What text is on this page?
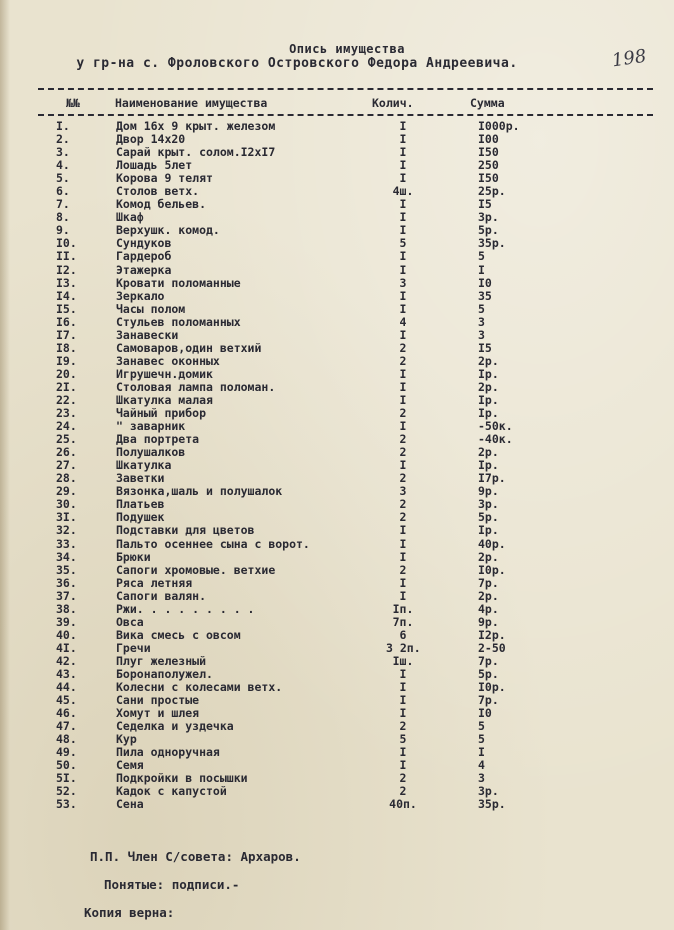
Опись имущества
у гр-на с. Фроловского Островского Федора Андреевича.	198
№№	Наименование имущества	Колич.	Сумма
I.	Дом 16х 9 крыт. железом	I	I000р.
2.	Двор 14х20	I	I00
3.	Сарай крыт. солом.I2хI7	I	I50
4.	Лошадь 5лет	I	250
5.	Корова 9 телят	I	I50
6.	Столов ветх.	4ш.	25р.
7.	Комод бельев.	I	I5
8.	Шкаф	I	3р.
9.	Верхушк. комод.	I	5р.
I0.	Сундуков	5	35р.
II.	Гардероб	I	5
I2.	Этажерка	I	I
I3.	Кровати поломанные	3	I0
I4.	Зеркало	I	35
I5.	Часы полом	I	5
I6.	Стульев поломанных	4	3
I7.	Занавески	I	3
I8.	Самоваров,один ветхий	2	I5
I9.	Занавес оконных	2	2р.
20.	Игрушечн.домик	I	Iр.
2I.	Столовая лампа поломан.	I	2р.
22.	Шкатулка малая	I	Iр.
23.	Чайный прибор	2	Iр.
24.	" заварник	I	-50к.
25.	Два портрета	2	-40к.
26.	Полушалков	2	2р.
27.	Шкатулка	I	Iр.
28.	Заветки	2	I7р.
29.	Вязонка,шаль и полушалок	3	9р.
30.	Платьев	2	3р.
3I.	Подушек	2	5р.
32.	Подставки для цветов	I	Iр.
33.	Пальто осеннее сына с ворот.	I	40р.
34.	Брюки	I	2р.
35.	Сапоги хромовые. ветхие	2	I0р.
36.	Ряса летняя	I	7р.
37.	Сапоги валян.	I	2р.
38.	Ржи. . . . . . . . .	Iп.	4р.
39.	Овса	7п.	9р.
40.	Вика смесь с овсом	6	I2р.
4I.	Гречи	3 2п.	2-50
42.	Плуг железный	Iш.	7р.
43.	Боронаполужел.	I	5р.
44.	Колесни с колесами ветх.	I	I0р.
45.	Сани простые	I	7р.
46.	Хомут и шлея	I	I0
47.	Седелка и уздечка	2	5
48.	Кур	5	5
49.	Пила одноручная	I	I
50.	Семя	I	4
5I.	Подкройки в посышки	2	3
52.	Кадок с капустой	2	3р.
53.	Сена	40п.	35р.
П.П. Член С/совета: Архаров.
Понятые: подписи.-
Копия верна:
